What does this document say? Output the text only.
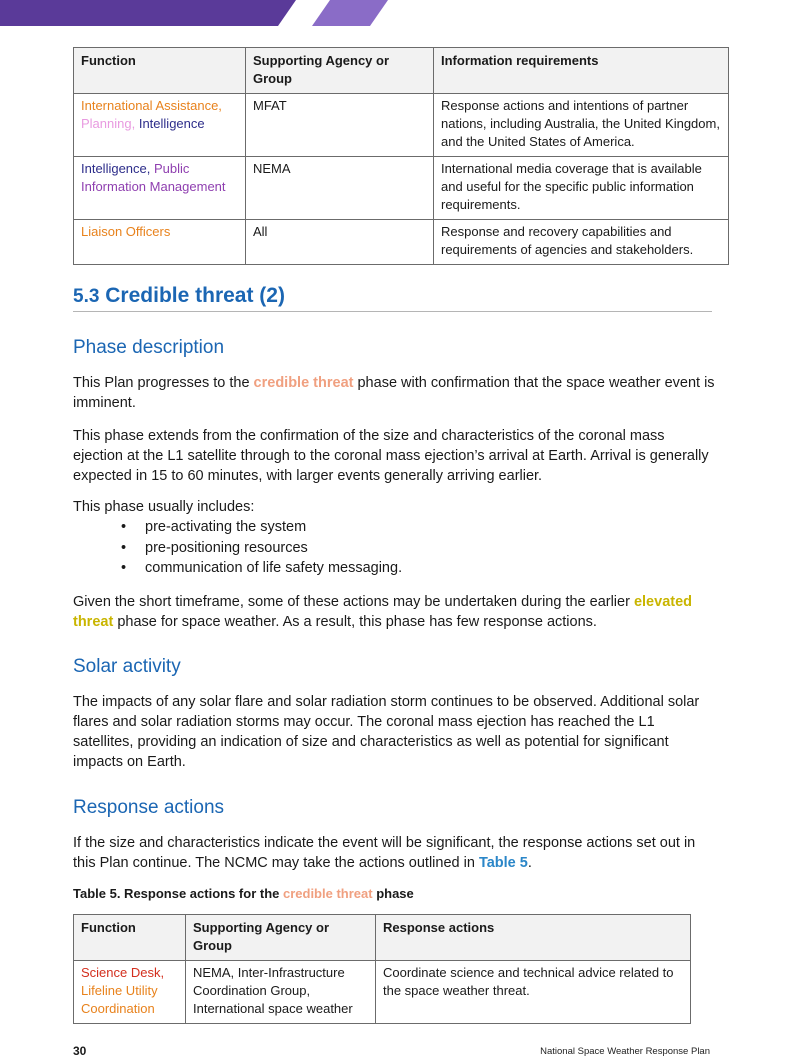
Function	Supporting Agency or Group	Information requirements
International Assistance, Planning, Intelligence	MFAT	Response actions and intentions of partner nations, including Australia, the United Kingdom, and the United States of America.
Intelligence, Public Information Management	NEMA	International media coverage that is available and useful for the specific public information requirements.
Liaison Officers	All	Response and recovery capabilities and requirements of agencies and stakeholders.
5.3 Credible threat (2)
Phase description

This Plan progresses to the credible threat phase with confirmation that the space weather event is imminent.

This phase extends from the confirmation of the size and characteristics of the coronal mass ejection at the L1 satellite through to the coronal mass ejection’s arrival at Earth. Arrival is generally expected in 15 to 60 minutes, with larger events generally arriving earlier.

This phase usually includes:

• pre-activating the system
• pre-positioning resources
• communication of life safety messaging.

Given the short timeframe, some of these actions may be undertaken during the earlier elevated threat phase for space weather. As a result, this phase has few response actions.

Solar activity

The impacts of any solar flare and solar radiation storm continues to be observed. Additional solar flares and solar radiation storms may occur. The coronal mass ejection has reached the L1 satellites, providing an indication of size and characteristics as well as potential for significant impacts on Earth.

Response actions

If the size and characteristics indicate the event will be significant, the response actions set out in this Plan continue. The NCMC may take the actions outlined in Table 5.

Table 5. Response actions for the credible threat phase

Function	Supporting Agency or Group	Response actions
Science Desk,
Lifeline Utility Coordination	NEMA, Inter-Infrastructure Coordination Group, International space weather	Coordinate science and technical advice related to the space weather threat.
30	National Space Weather Response Plan
